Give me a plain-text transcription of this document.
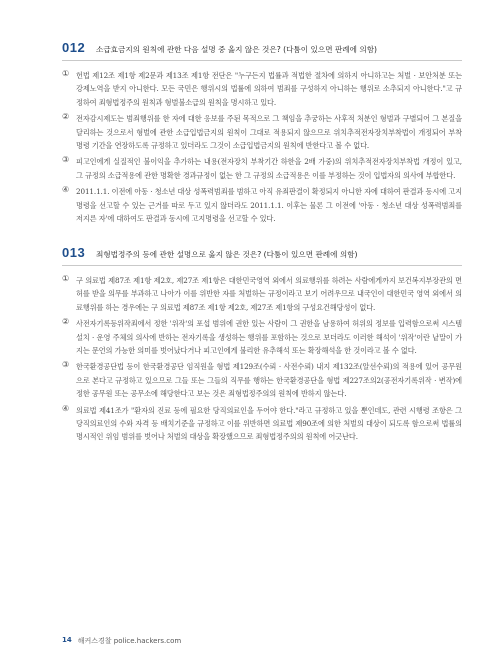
012	소급효금지의 원칙에 관한 다음 설명 중 옳지 않은 것은? (다툼이 있으면 판례에 의함)
① 헌법 제12조 제1항 제2문과 제13조 제1항 전단은 "누구든지 법률과 적법한 절차에 의하지 아니하고는 처벌 · 보안처분 또는 강제노역을 받지 아니한다. 모든 국민은 행위시의 법률에 의하여 범죄를 구성하지 아니하는 행위로 소추되지 아니한다."고 규정하여 죄형법정주의 원칙과 형벌불소급의 원칙을 명시하고 있다.
② 전자감시제도는 범죄행위를 한 자에 대한 응보를 주된 목적으로 그 책임을 추궁하는 사후적 처분인 형벌과 구별되어 그 본질을 달리하는 것으로서 형벌에 관한 소급입법금지의 원칙이 그대로 적용되지 않으므로 위치추적전자장치부착법이 개정되어 부착명령 기간을 연장하도록 규정하고 있더라도 그것이 소급입법금지의 원칙에 반한다고 볼 수 없다.
③ 피고인에게 실질적인 불이익을 추가하는 내용(전자장치 부착기간 하한을 2배 가중)의 위치추적전자장치부착법 개정이 있고, 그 규정의 소급적용에 관한 명확한 경과규정이 없는 한 그 규정의 소급적용은 이를 부정하는 것이 입법자의 의사에 부합한다.
④ 2011.1.1. 이전에 아동 · 청소년 대상 성폭력범죄를 범하고 아직 유죄판결이 확정되지 아니한 자에 대하여 판결과 동시에 고지명령을 선고할 수 있는 근거를 따로 두고 있지 않더라도 2011.1.1. 이후는 물론 그 이전에 '아동 · 청소년 대상 성폭력범죄를 저지른 자'에 대하여도 판결과 동시에 고지명령을 선고할 수 있다.
013	죄형법정주의 등에 관한 설명으로 옳지 않은 것은? (다툼이 있으면 판례에 의함)
① 구 의료법 제87조 제1항 제2호, 제27조 제1항은 대한민국영역 외에서 의료행위를 하려는 사람에게까지 보건복지부장관의 면허를 받을 의무를 부과하고 나아가 이를 위반한 자를 처벌하는 규정이라고 보기 어려우므로 내국인이 대한민국 영역 외에서 의료행위를 하는 경우에는 구 의료법 제87조 제1항 제2호, 제27조 제1항의 구성요건해당성이 없다.
② 사전자기록등위작죄에서 정한 '위작'의 포섭 범위에 권한 있는 사람이 그 권한을 남용하여 허위의 정보를 입력함으로써 시스템 설치 · 운영 주체의 의사에 반하는 전자기록을 생성하는 행위를 포함하는 것으로 보더라도 이러한 해석이 '위작'이란 낱말이 가지는 문언의 가능한 의미를 벗어났다거나 피고인에게 불리한 유추해석 또는 확장해석을 한 것이라고 볼 수 없다.
③ 한국환경공단법 등이 한국환경공단 임직원을 형법 제129조(수뢰 · 사전수뢰) 내지 제132조(알선수뢰)의 적용에 있어 공무원으로 본다고 규정하고 있으므로 그들 또는 그들의 직무를 행하는 한국환경공단을 형법 제227조의2(공전자기록위작 · 변작)에 정한 공무원 또는 공무소에 해당한다고 보는 것은 죄형법정주의의 원칙에 반하지 않는다.
④ 의료법 제41조가 "환자의 진료 등에 필요한 당직의료인을 두어야 한다."라고 규정하고 있을 뿐인데도, 관련 시행령 조항은 그 당직의료인의 수와 자격 등 배치기준을 규정하고 이를 위반하면 의료법 제90조에 의한 처벌의 대상이 되도록 함으로써 법률의 명시적인 위임 범위를 벗어나 처벌의 대상을 확장했으므로 죄형법정주의의 원칙에 어긋난다.
14 해커스경찰 police.hackers.com
